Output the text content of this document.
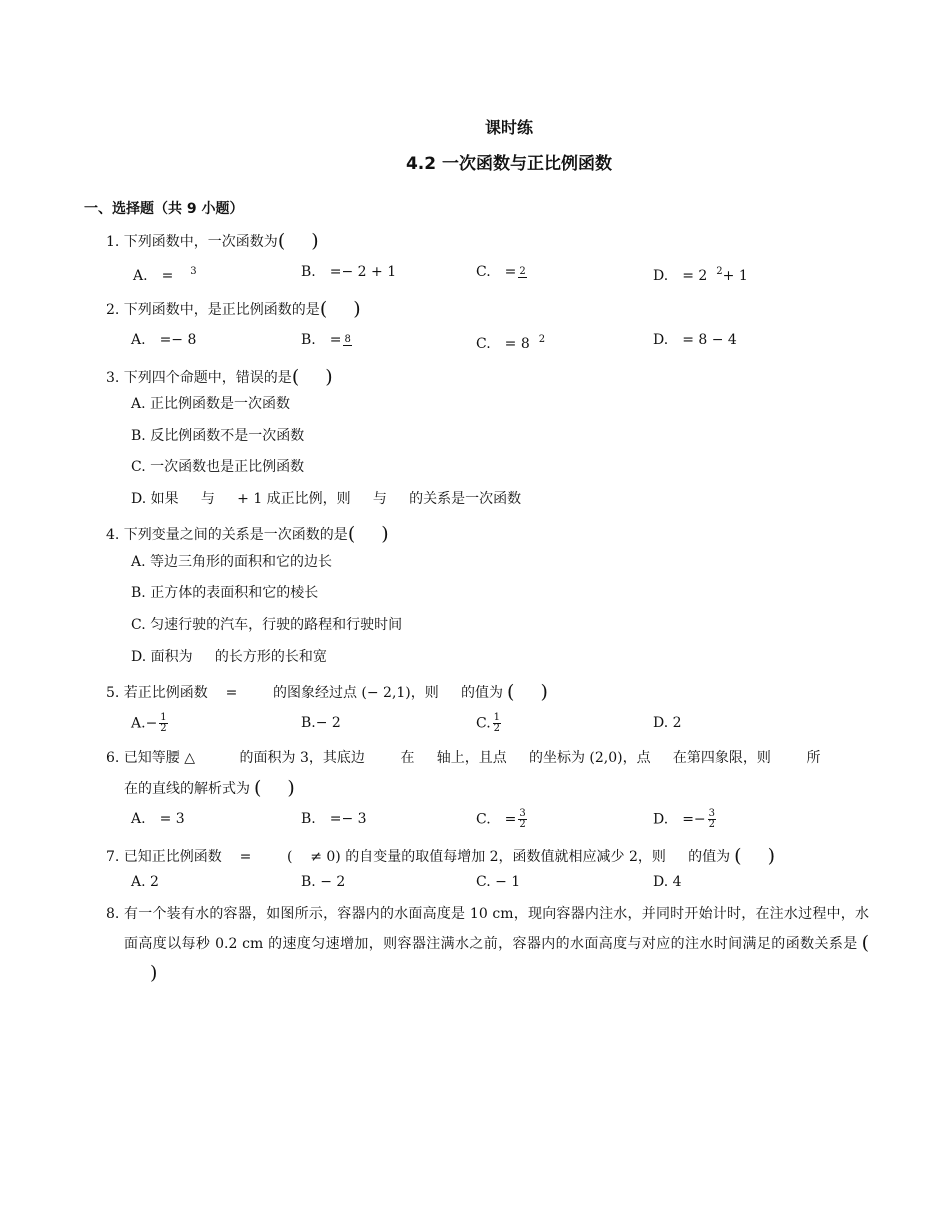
课时练
4.2 一次函数与正比例函数
一、选择题（共 9 小题）
1. 下列函数中，一次函数为( )
A. = $^3$	B. =− 2 + 1	C. = 2	D. = 2 $^2$+ 1
2. 下列函数中，是正比例函数的是( )
A. =− 8	B. = 8	C. = 8 $^2$	D. = 8 − 4
3. 下列四个命题中，错误的是( )
A. 正比例函数是一次函数
B. 反比例函数不是一次函数
C. 一次函数也是正比例函数
D. 如果     与     + 1 成正比例，则     与     的关系是一次函数
4. 下列变量之间的关系是一次函数的是( )
A. 等边三角形的面积和它的边长
B. 正方体的表面积和它的棱长
C. 匀速行驶的汽车，行驶的路程和行驶时间
D. 面积为     的长方形的长和宽
5. 若正比例函数    =        的图象经过点 (− 2,1)，则     的值为 ( )
$A.- \frac{1}{2}$	B.− 2	C. $\frac{1}{2}$	D. 2
6. 已知等腰 △          的面积为 3，其底边        在     轴上，且点     的坐标为 (2,0)，点     在第四象限，则        所
在的直线的解析式为 ( )
A. = 3	B. =− 3	C. = $\frac{3}{2}$	D. =− $\frac{3}{2}$
7. 已知正比例函数    =        (    ≠ 0) 的自变量的取值每增加 2，函数值就相应减少 2，则     的值为 ( )
A. 2	B. − 2	C. − 1	D. 4
8. 有一个装有水的容器，如图所示，容器内的水面高度是 10 cm，现向容器内注水，并同时开始计时，在注水过程中，水面高度以每秒 0.2 cm 的速度匀速增加，则容器注满水之前，容器内的水面高度与对应的注水时间满足的函数关系是 ()
